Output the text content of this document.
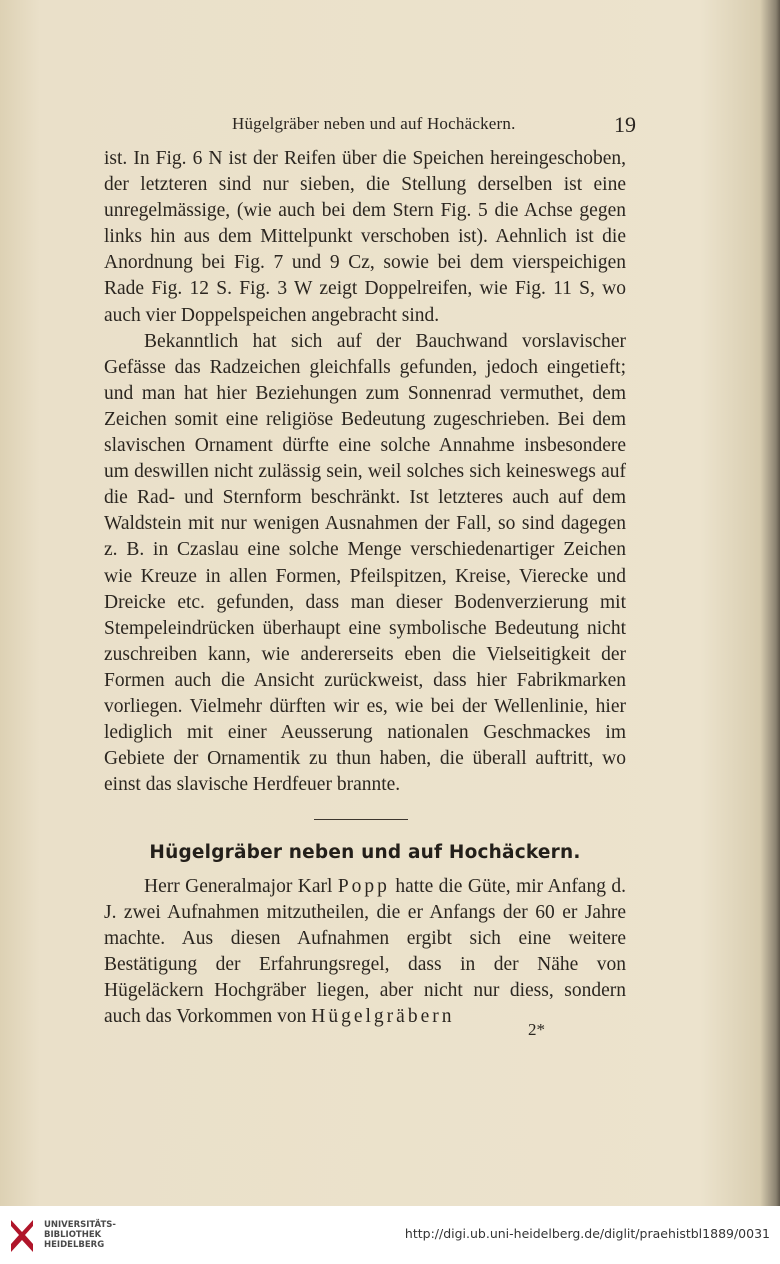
Hügelgräber neben und auf Hochäckern.	19

ist. In Fig. 6 N ist der Reifen über die Speichen hereingeschoben, der letzteren sind nur sieben, die Stellung derselben ist eine unregelmässige, (wie auch bei dem Stern Fig. 5 die Achse gegen links hin aus dem Mittelpunkt verschoben ist). Aehnlich ist die Anordnung bei Fig. 7 und 9 Cz, sowie bei dem vierspeichigen Rade Fig. 12 S. Fig. 3 W zeigt Doppelreifen, wie Fig. 11 S, wo auch vier Doppelspeichen angebracht sind.

Bekanntlich hat sich auf der Bauchwand vorslavischer Gefässe das Radzeichen gleichfalls gefunden, jedoch eingetieft; und man hat hier Beziehungen zum Sonnenrad vermuthet, dem Zeichen somit eine religiöse Bedeutung zugeschrieben. Bei dem slavischen Ornament dürfte eine solche Annahme insbesondere um deswillen nicht zulässig sein, weil solches sich keineswegs auf die Rad- und Sternform beschränkt. Ist letzteres auch auf dem Waldstein mit nur wenigen Ausnahmen der Fall, so sind dagegen z. B. in Czaslau eine solche Menge verschiedenartiger Zeichen wie Kreuze in allen Formen, Pfeilspitzen, Kreise, Vierecke und Dreicke etc. gefunden, dass man dieser Bodenverzierung mit Stempeleindrücken überhaupt eine symbolische Bedeutung nicht zuschreiben kann, wie andererseits eben die Vielseitigkeit der Formen auch die Ansicht zurückweist, dass hier Fabrikmarken vorliegen. Vielmehr dürften wir es, wie bei der Wellenlinie, hier lediglich mit einer Aeusserung nationalen Geschmackes im Gebiete der Ornamentik zu thun haben, die überall auftritt, wo einst das slavische Herdfeuer brannte.

Hügelgräber neben und auf Hochäckern.

Herr Generalmajor Karl Popp hatte die Güte, mir Anfang d. J. zwei Aufnahmen mitzutheilen, die er Anfangs der 60 er Jahre machte. Aus diesen Aufnahmen ergibt sich eine weitere Bestätigung der Erfahrungsregel, dass in der Nähe von Hügeläckern Hochgräber liegen, aber nicht nur diess, sondern auch das Vorkommen von Hügelgräbern

2*
UNIVERSITÄTS-
BIBLIOTHEK
HEIDELBERG
http://digi.ub.uni-heidelberg.de/diglit/praehistbl1889/0031
